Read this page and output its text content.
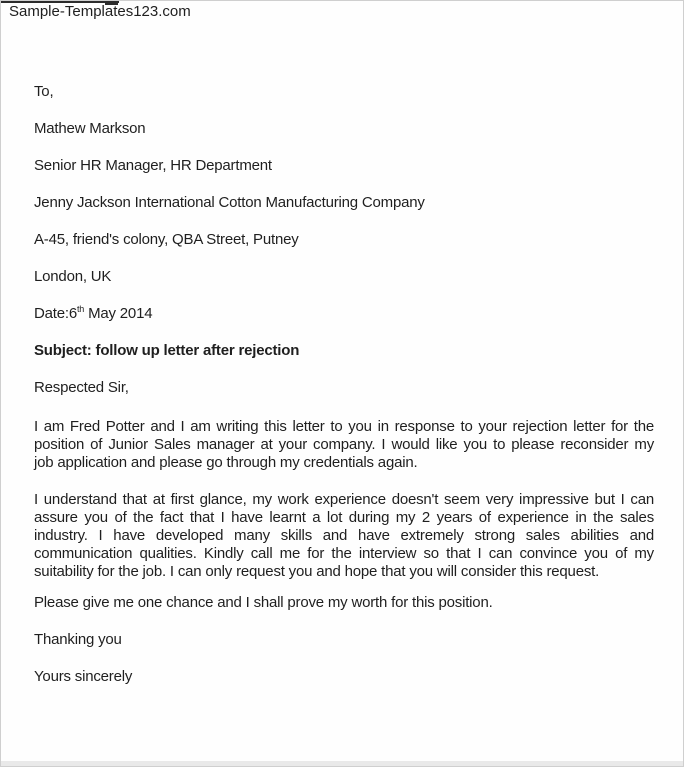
Sample-Templates123.com

To,

Mathew Markson

Senior HR Manager, HR Department

Jenny Jackson International Cotton Manufacturing Company

A-45, friend's colony, QBA Street, Putney

London, UK

Date:6th May 2014

Subject: follow up letter after rejection

Respected Sir,

I am Fred Potter and I am writing this letter to you in response to your rejection letter for the
position of Junior Sales manager at your company. I would like you to please reconsider my
job application and please go through my credentials again.
I understand that at first glance, my work experience doesn't seem very impressive but I can
assure you of the fact that I have learnt a lot during my 2 years of experience in the sales
industry. I have developed many skills and have extremely strong sales abilities and
communication qualities. Kindly call me for the interview so that I can convince you of my
suitability for the job. I can only request you and hope that you will consider this request.

Please give me one chance and I shall prove my worth for this position.

Thanking you

Yours sincerely
